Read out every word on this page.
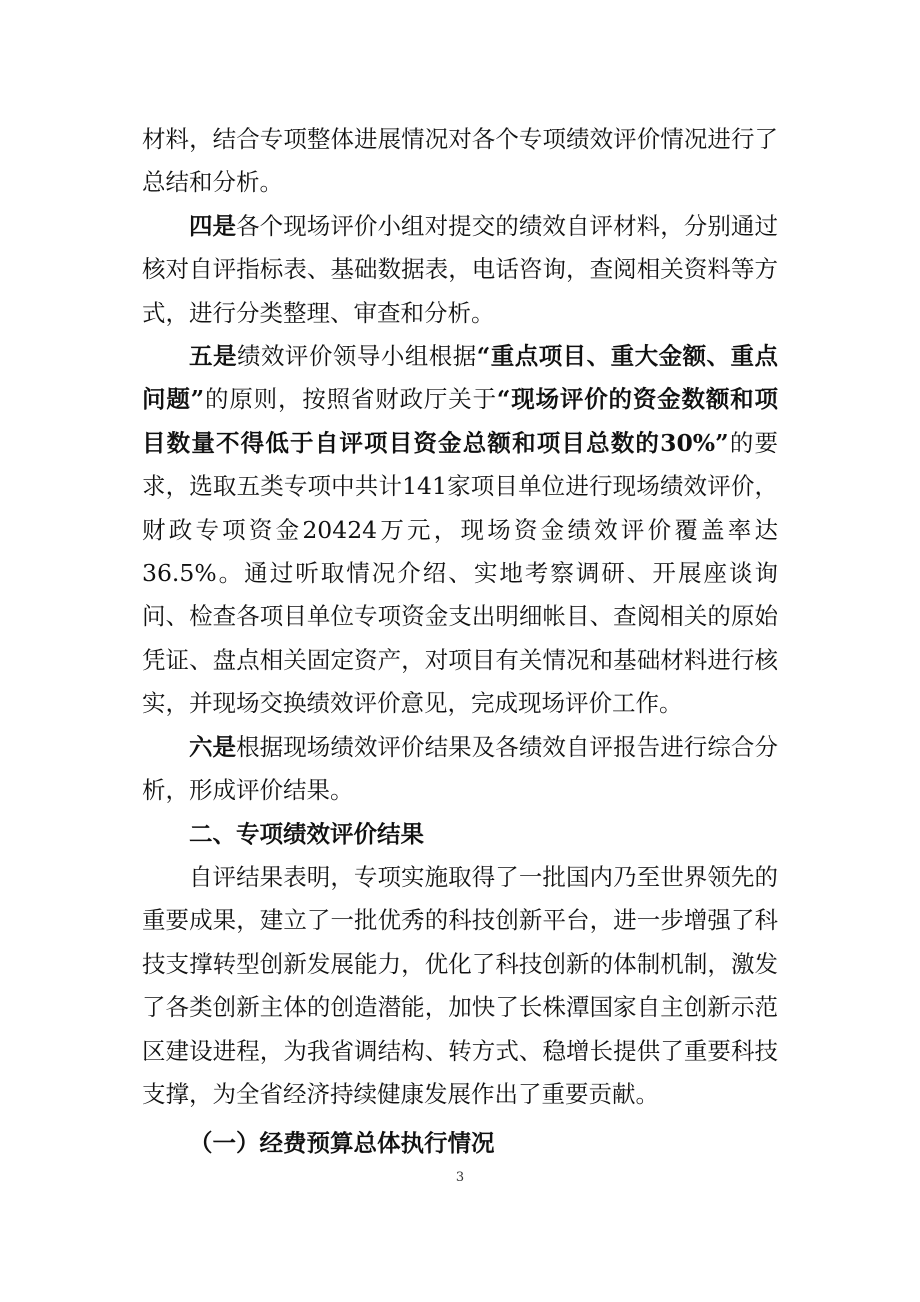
材料，结合专项整体进展情况对各个专项绩效评价情况进行了总结和分析。

四是各个现场评价小组对提交的绩效自评材料，分别通过核对自评指标表、基础数据表，电话咨询，查阅相关资料等方式，进行分类整理、审查和分析。

五是绩效评价领导小组根据“重点项目、重大金额、重点问题”的原则，按照省财政厅关于“现场评价的资金数额和项目数量不得低于自评项目资金总额和项目总数的30%”的要求，选取五类专项中共计141家项目单位进行现场绩效评价，财政专项资金20424万元，现场资金绩效评价覆盖率达36.5%。通过听取情况介绍、实地考察调研、开展座谈询问、检查各项目单位专项资金支出明细帐目、查阅相关的原始凭证、盘点相关固定资产，对项目有关情况和基础材料进行核实，并现场交换绩效评价意见，完成现场评价工作。

六是根据现场绩效评价结果及各绩效自评报告进行综合分析，形成评价结果。

二、专项绩效评价结果

自评结果表明，专项实施取得了一批国内乃至世界领先的重要成果，建立了一批优秀的科技创新平台，进一步增强了科技支撑转型创新发展能力，优化了科技创新的体制机制，激发了各类创新主体的创造潜能，加快了长株潭国家自主创新示范区建设进程，为我省调结构、转方式、稳增长提供了重要科技支撑，为全省经济持续健康发展作出了重要贡献。

（一）经费预算总体执行情况

3
